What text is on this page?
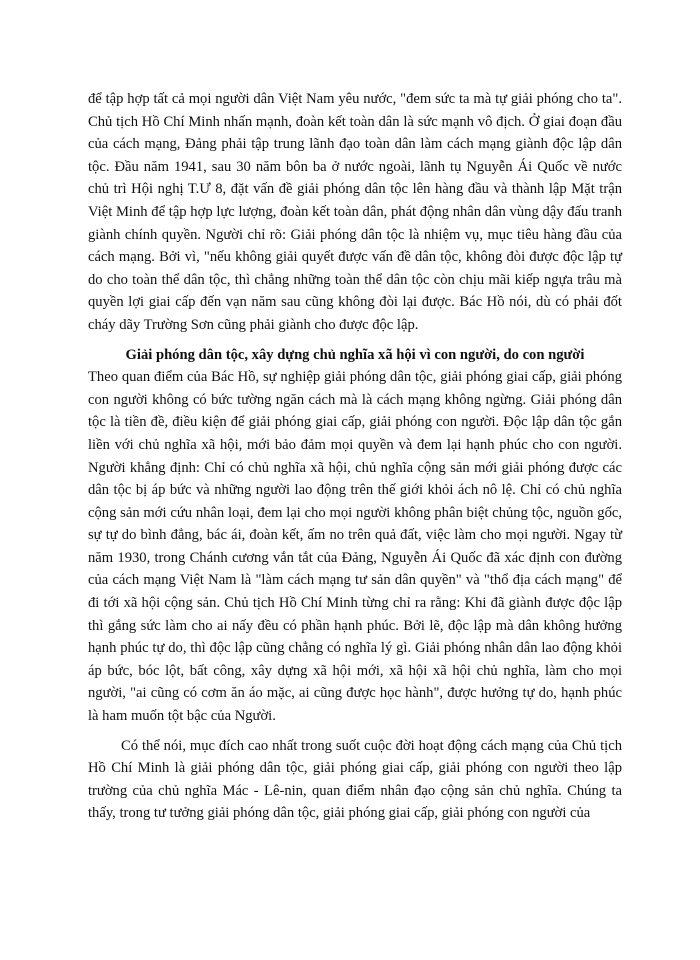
để tập hợp tất cả mọi người dân Việt Nam yêu nước, "đem sức ta mà tự giải phóng cho ta". Chủ tịch Hồ Chí Minh nhấn mạnh, đoàn kết toàn dân là sức mạnh vô địch. Ở giai đoạn đầu của cách mạng, Đảng phải tập trung lãnh đạo toàn dân làm cách mạng giành độc lập dân tộc. Đầu năm 1941, sau 30 năm bôn ba ở nước ngoài, lãnh tụ Nguyễn Ái Quốc về nước chủ trì Hội nghị T.Ư 8, đặt vấn đề giải phóng dân tộc lên hàng đầu và thành lập Mặt trận Việt Minh để tập hợp lực lượng, đoàn kết toàn dân, phát động nhân dân vùng dậy đấu tranh giành chính quyền. Người chỉ rõ: Giải phóng dân tộc là nhiệm vụ, mục tiêu hàng đầu của cách mạng. Bởi vì, "nếu không giải quyết được vấn đề dân tộc, không đòi được độc lập tự do cho toàn thể dân tộc, thì chẳng những toàn thể dân tộc còn chịu mãi kiếp ngựa trâu mà quyền lợi giai cấp đến vạn năm sau cũng không đòi lại được. Bác Hồ nói, dù có phải đốt cháy dãy Trường Sơn cũng phải giành cho được độc lập.

Giải phóng dân tộc, xây dựng chủ nghĩa xã hội vì con người, do con người

Theo quan điểm của Bác Hồ, sự nghiệp giải phóng dân tộc, giải phóng giai cấp, giải phóng con người không có bức tường ngăn cách mà là cách mạng không ngừng. Giải phóng dân tộc là tiền đề, điều kiện để giải phóng giai cấp, giải phóng con người. Độc lập dân tộc gắn liền với chủ nghĩa xã hội, mới bảo đảm mọi quyền và đem lại hạnh phúc cho con người. Người khẳng định: Chỉ có chủ nghĩa xã hội, chủ nghĩa cộng sản mới giải phóng được các dân tộc bị áp bức và những người lao động trên thế giới khỏi ách nô lệ. Chỉ có chủ nghĩa cộng sản mới cứu nhân loại, đem lại cho mọi người không phân biệt chủng tộc, nguồn gốc, sự tự do bình đẳng, bác ái, đoàn kết, ấm no trên quả đất, việc làm cho mọi người. Ngay từ năm 1930, trong Chánh cương vắn tắt của Đảng, Nguyễn Ái Quốc đã xác định con đường của cách mạng Việt Nam là "làm cách mạng tư sản dân quyền" và "thổ địa cách mạng" để đi tới xã hội cộng sản. Chủ tịch Hồ Chí Minh từng chỉ ra rằng: Khi đã giành được độc lập thì gắng sức làm cho ai nấy đều có phần hạnh phúc. Bởi lẽ, độc lập mà dân không hưởng hạnh phúc tự do, thì độc lập cũng chẳng có nghĩa lý gì. Giải phóng nhân dân lao động khỏi áp bức, bóc lột, bất công, xây dựng xã hội mới, xã hội xã hội chủ nghĩa, làm cho mọi người, "ai cũng có cơm ăn áo mặc, ai cũng được học hành", được hưởng tự do, hạnh phúc là ham muốn tột bậc của Người.

Có thể nói, mục đích cao nhất trong suốt cuộc đời hoạt động cách mạng của Chủ tịch Hồ Chí Minh là giải phóng dân tộc, giải phóng giai cấp, giải phóng con người theo lập trường của chủ nghĩa Mác - Lê-nin, quan điểm nhân đạo cộng sản chủ nghĩa. Chúng ta thấy, trong tư tưởng giải phóng dân tộc, giải phóng giai cấp, giải phóng con người của
